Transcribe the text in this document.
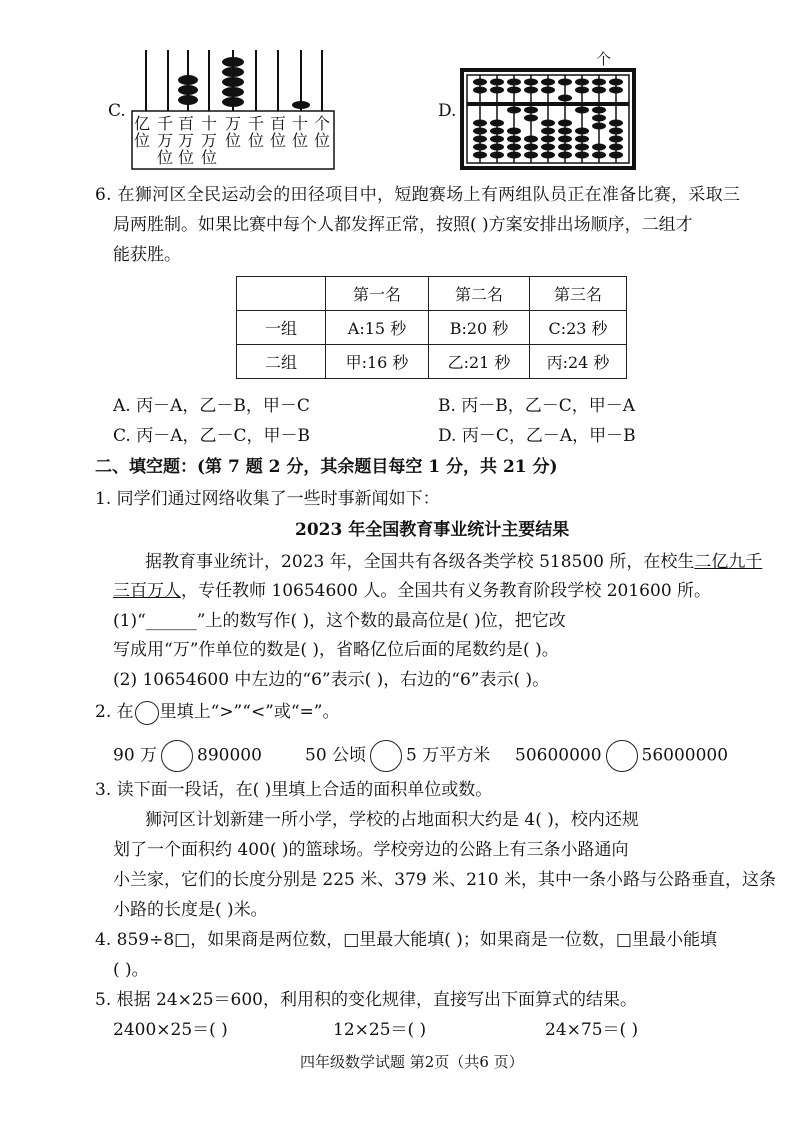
C.
亿位
千万位
百万位
十万位
万位
千位
百位
十位
个位
D.
个
6. 在狮河区全民运动会的田径项目中，短跑赛场上有两组队员正在准备比赛，采取三
局两胜制。如果比赛中每个人都发挥正常，按照( )方案安排出场顺序，二组才
能获胜。
	第一名	第二名	第三名
一组	A:15 秒	B:20 秒	C:23 秒
二组	甲:16 秒	乙:21 秒	丙:24 秒
A. 丙－A，乙－B，甲－C	B. 丙－B，乙－C，甲－A
C. 丙－A，乙－C，甲－B	D. 丙－C，乙－A，甲－B
二、填空题：(第 7 题 2 分，其余题目每空 1 分，共 21 分)
1. 同学们通过网络收集了一些时事新闻如下：
2023 年全国教育事业统计主要结果
据教育事业统计，2023 年，全国共有各级各类学校 518500 所，在校生二亿九千
三百万人，专任教师 10654600 人。全国共有义务教育阶段学校 201600 所。
(1)“______”上的数写作( )，这个数的最高位是( )位，把它改
写成用“万”作单位的数是( )，省略亿位后面的尾数约是( )。
(2) 10654600 中左边的“6”表示( )，右边的“6”表示( )。
2. 在 里填上“>”“<”或“=”。
90 万 890000	50 公顷 5 万平方米 50600000 56000000
3. 读下面一段话，在( )里填上合适的面积单位或数。
狮河区计划新建一所小学，学校的占地面积大约是 4( )，校内还规
划了一个面积约 400( )的篮球场。学校旁边的公路上有三条小路通向
小兰家，它们的长度分别是 225 米、379 米、210 米，其中一条小路与公路垂直，这条
小路的长度是( )米。
4. 859÷8□，如果商是两位数，□里最大能填( )；如果商是一位数，□里最小能填
( )。
5. 根据 24×25＝600，利用积的变化规律，直接写出下面算式的结果。
2400×25＝( )	12×25＝( )	24×75＝( )
四年级数学试题 第2页（共6 页）
